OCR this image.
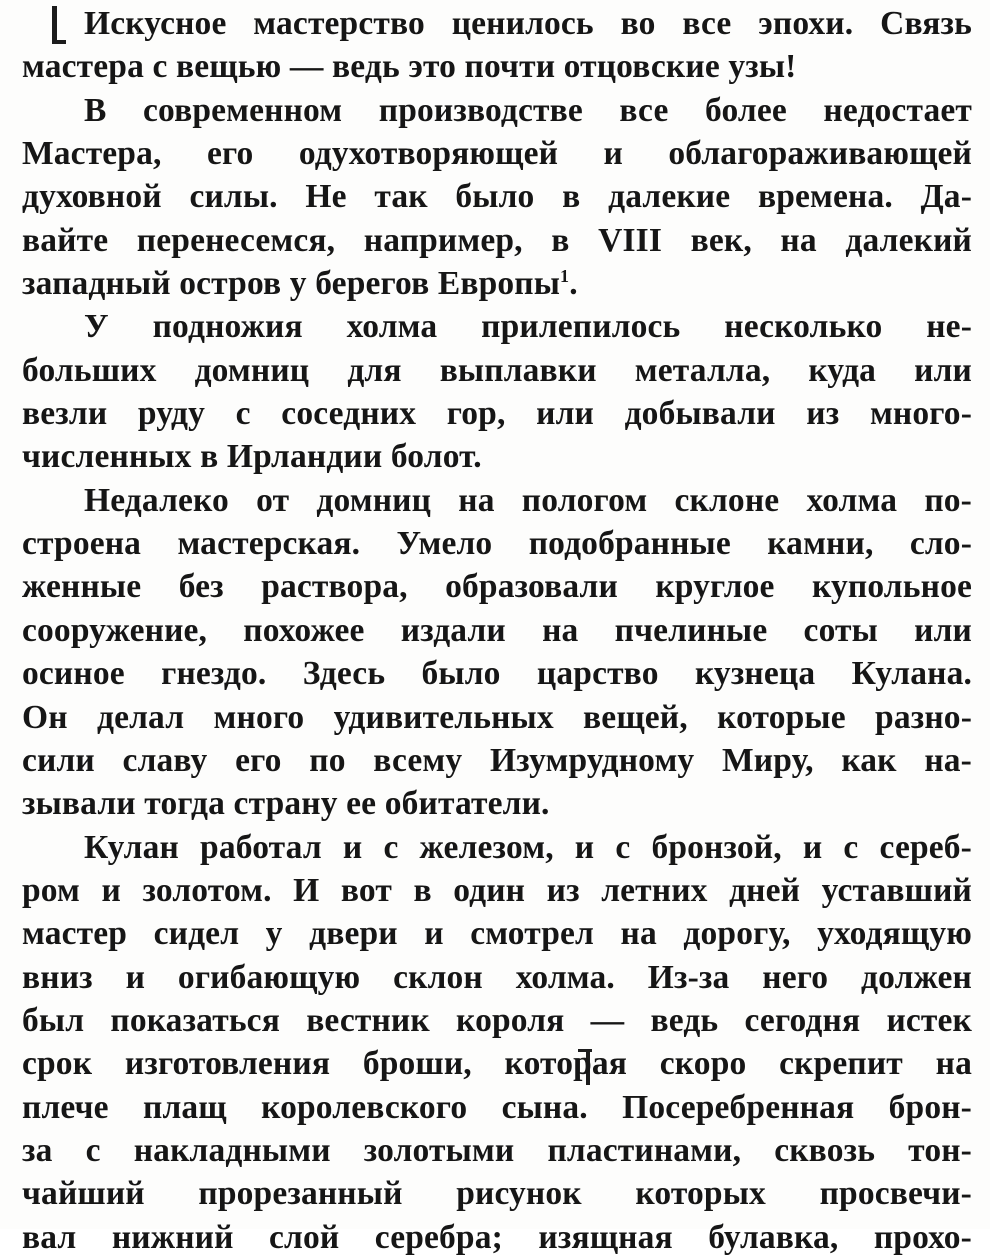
Искусное мастерство ценилось во все эпохи. Связь
мастера с вещью — ведь это почти отцовские узы!

В современном производстве все более недостает
Мастера, его одухотворяющей и облагораживающей
духовной силы. Не так было в далекие времена. Да-
вайте перенесемся, например, в VIII век, на далекий
западный остров у берегов Европы$^1$.

У подножия холма прилепилось несколько не-
больших домниц для выплавки металла, куда или
везли руду с соседних гор, или добывали из много-
численных в Ирландии болот.

Недалеко от домниц на пологом склоне холма по-
строена мастерская. Умело подобранные камни, сло-
женные без раствора, образовали круглое купольное
сооружение, похожее издали на пчелиные соты или
осиное гнездо. Здесь было царство кузнеца Кулана.
Он делал много удивительных вещей, которые разно-
сили славу его по всему Изумрудному Миру, как на-
зывали тогда страну ее обитатели.

Кулан работал и с железом, и с бронзой, и с сереб-
ром и золотом. И вот в один из летних дней уставший
мастер сидел у двери и смотрел на дорогу, уходящую
вниз и огибающую склон холма. Из-за него должен
был показаться вестник короля — ведь сегодня истек
срок изготовления броши, которая скоро скрепит на
плече плащ королевского сына. Посеребренная брон-
за с накладными золотыми пластинами, сквозь тон-
чайший прорезанный рисунок которых просвечи-
вал нижний слой серебра; изящная булавка, прохо-
